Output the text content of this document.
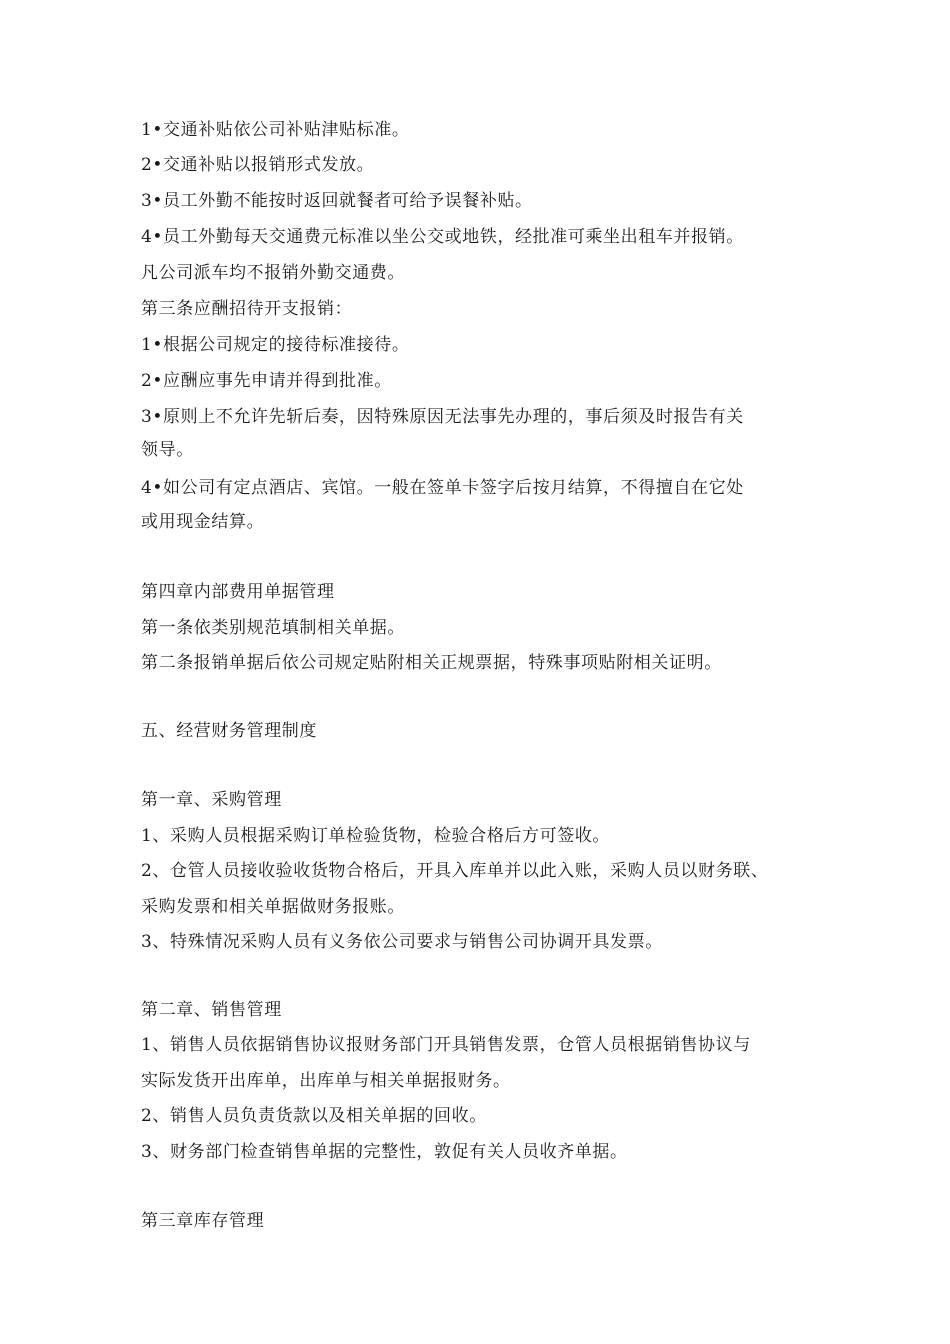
1•交通补贴依公司补贴津贴标准。
2•交通补贴以报销形式发放。
3•员工外勤不能按时返回就餐者可给予误餐补贴。
4•员工外勤每天交通费元标准以坐公交或地铁，经批准可乘坐出租车并报销。
凡公司派车均不报销外勤交通费。
第三条应酬招待开支报销：
1•根据公司规定的接待标准接待。
2•应酬应事先申请并得到批准。
3•原则上不允许先斩后奏，因特殊原因无法事先办理的，事后须及时报告有关
领导。
4•如公司有定点酒店、宾馆。一般在签单卡签字后按月结算，不得擅自在它处
或用现金结算。
第四章内部费用单据管理
第一条依类别规范填制相关单据。
第二条报销单据后依公司规定贴附相关正规票据，特殊事项贴附相关证明。
五、经营财务管理制度
第一章、采购管理
1、采购人员根据采购订单检验货物，检验合格后方可签收。
2、仓管人员接收验收货物合格后，开具入库单并以此入账，采购人员以财务联、
采购发票和相关单据做财务报账。
3、特殊情况采购人员有义务依公司要求与销售公司协调开具发票。
第二章、销售管理
1、销售人员依据销售协议报财务部门开具销售发票，仓管人员根据销售协议与
实际发货开出库单，出库单与相关单据报财务。
2、销售人员负责货款以及相关单据的回收。
3、财务部门检查销售单据的完整性，敦促有关人员收齐单据。
第三章库存管理
